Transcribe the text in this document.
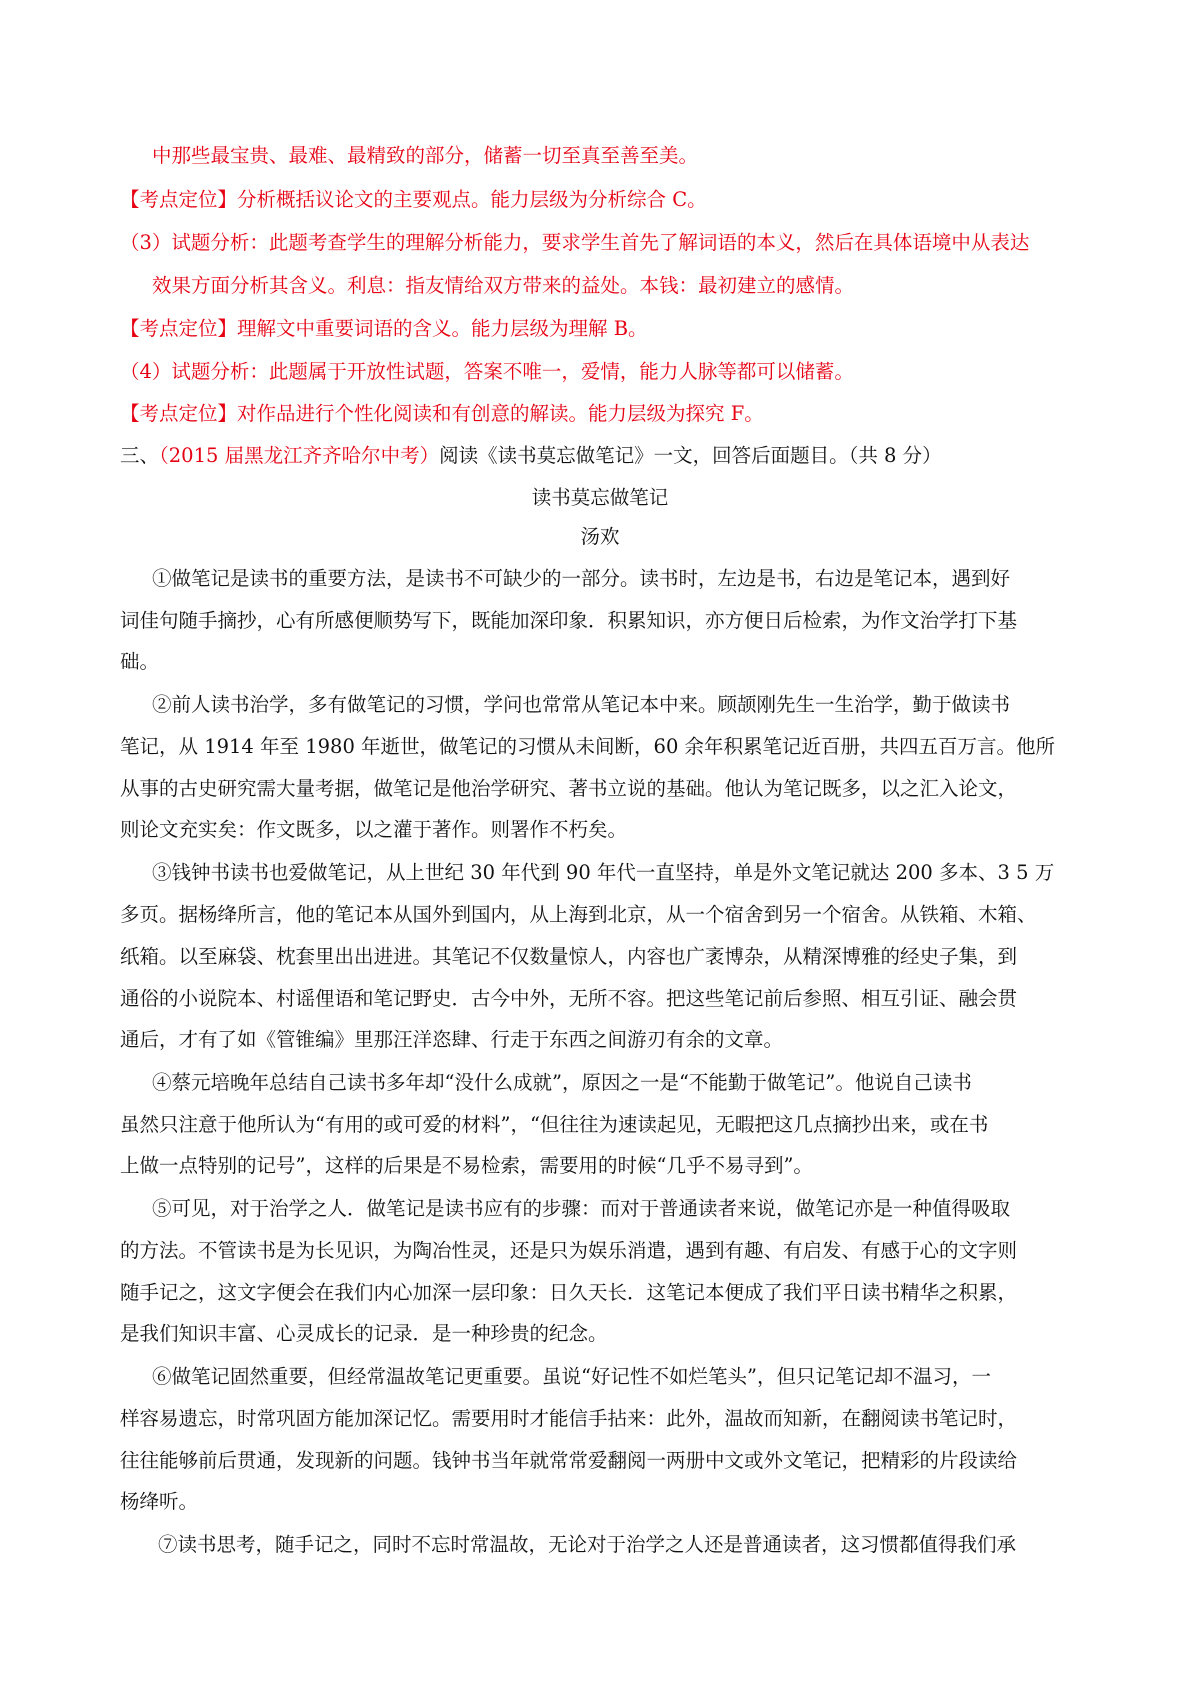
中那些最宝贵、最难、最精致的部分，储蓄一切至真至善至美。
【考点定位】分析概括议论文的主要观点。能力层级为分析综合 C。
（3）试题分析：此题考查学生的理解分析能力，要求学生首先了解词语的本义，然后在具体语境中从表达
效果方面分析其含义。利息：指友情给双方带来的益处。本钱：最初建立的感情。
【考点定位】理解文中重要词语的含义。能力层级为理解 B。
（4）试题分析：此题属于开放性试题，答案不唯一，爱情，能力人脉等都可以储蓄。
【考点定位】对作品进行个性化阅读和有创意的解读。能力层级为探究 F。
三、（2015 届黑龙江齐齐哈尔中考）阅读《读书莫忘做笔记》一文，回答后面题目。（共 8 分）
读书莫忘做笔记
汤欢
①做笔记是读书的重要方法，是读书不可缺少的一部分。读书时，左边是书，右边是笔记本，遇到好
词佳句随手摘抄，心有所感便顺势写下，既能加深印象．积累知识，亦方便日后检索，为作文治学打下基
础。
②前人读书治学，多有做笔记的习惯，学问也常常从笔记本中来。顾颉刚先生一生治学，勤于做读书
笔记，从 1914 年至 1980 年逝世，做笔记的习惯从未间断，60 余年积累笔记近百册，共四五百万言。他所
从事的古史研究需大量考据，做笔记是他治学研究、著书立说的基础。他认为笔记既多，以之汇入论文，
则论文充实矣：作文既多，以之灌于著作。则署作不朽矣。
③钱钟书读书也爱做笔记，从上世纪 30 年代到 90 年代一直坚持，单是外文笔记就达 200 多本、3 5 万
多页。据杨绛所言，他的笔记本从国外到国内，从上海到北京，从一个宿舍到另一个宿舍。从铁箱、木箱、
纸箱。以至麻袋、枕套里出出进进。其笔记不仅数量惊人，内容也广袤博杂，从精深博雅的经史子集，到
通俗的小说院本、村谣俚语和笔记野史．古今中外，无所不容。把这些笔记前后参照、相互引证、融会贯
通后，才有了如《管锥编》里那汪洋恣肆、行走于东西之间游刃有余的文章。
④蔡元培晚年总结自己读书多年却“没什么成就”，原因之一是“不能勤于做笔记”。他说自己读书
虽然只注意于他所认为“有用的或可爱的材料”，“但往往为速读起见，无暇把这几点摘抄出来，或在书
上做一点特别的记号”，这样的后果是不易检索，需要用的时候“几乎不易寻到”。
⑤可见，对于治学之人．做笔记是读书应有的步骤：而对于普通读者来说，做笔记亦是一种值得吸取
的方法。不管读书是为长见识，为陶冶性灵，还是只为娱乐消遣，遇到有趣、有启发、有感于心的文字则
随手记之，这文字便会在我们内心加深一层印象：日久天长．这笔记本便成了我们平日读书精华之积累，
是我们知识丰富、心灵成长的记录．是一种珍贵的纪念。
⑥做笔记固然重要，但经常温故笔记更重要。虽说“好记性不如烂笔头”，但只记笔记却不温习，一
样容易遗忘，时常巩固方能加深记忆。需要用时才能信手拈来：此外，温故而知新，在翻阅读书笔记时，
往往能够前后贯通，发现新的问题。钱钟书当年就常常爱翻阅一两册中文或外文笔记，把精彩的片段读给
杨绛听。
⑦读书思考，随手记之，同时不忘时常温故，无论对于治学之人还是普通读者，这习惯都值得我们承
